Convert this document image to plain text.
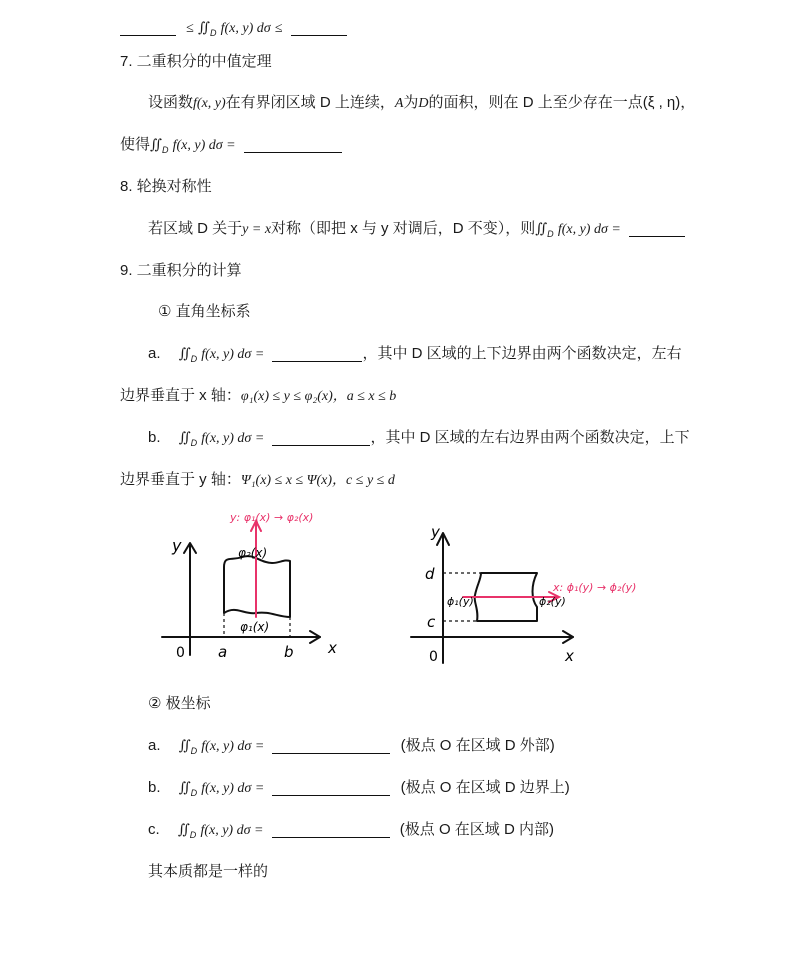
≤ $∬_D$ f(x, y) dσ ≤
7. 二重积分的中值定理
设函数f(x, y)在有界闭区域 D 上连续，A为D的面积，则在 D 上至少存在一点(ξ , η)，
使得$∬_D$ f(x, y) dσ =
8. 轮换对称性
若区域 D 关于y = x对称（即把 x 与 y 对调后，D 不变），则$∬_D$ f(x, y) dσ =
9. 二重积分的计算
① 直角坐标系
a. $∬_D$ f(x, y) dσ =	，其中 D 区域的上下边界由两个函数决定，左右
边界垂直于 x 轴：φ₁(x) ≤ y ≤ φ₂(x)，a ≤ x ≤ b
b. $∬_D$ f(x, y) dσ =	，其中 D 区域的左右边界由两个函数决定，上下
边界垂直于 y 轴：Ψ₁(x) ≤ x ≤ Ψ(x)，c ≤ y ≤ d
y
x
0 a	b
φ₂(x)
φ₁(x)
y: φ₁(x) → φ₂(x)
y
x
0
d
c
ϕ₁(y)	ϕ₂(y)
x: ϕ₁(y) → ϕ₂(y)
② 极坐标
a. $∬_D$ f(x, y) dσ =	(极点 O 在区域 D 外部)
b. $∬_D$ f(x, y) dσ =	(极点 O 在区域 D 边界上)
c. $∬_D$ f(x, y) dσ =	(极点 O 在区域 D 内部)
其本质都是一样的
